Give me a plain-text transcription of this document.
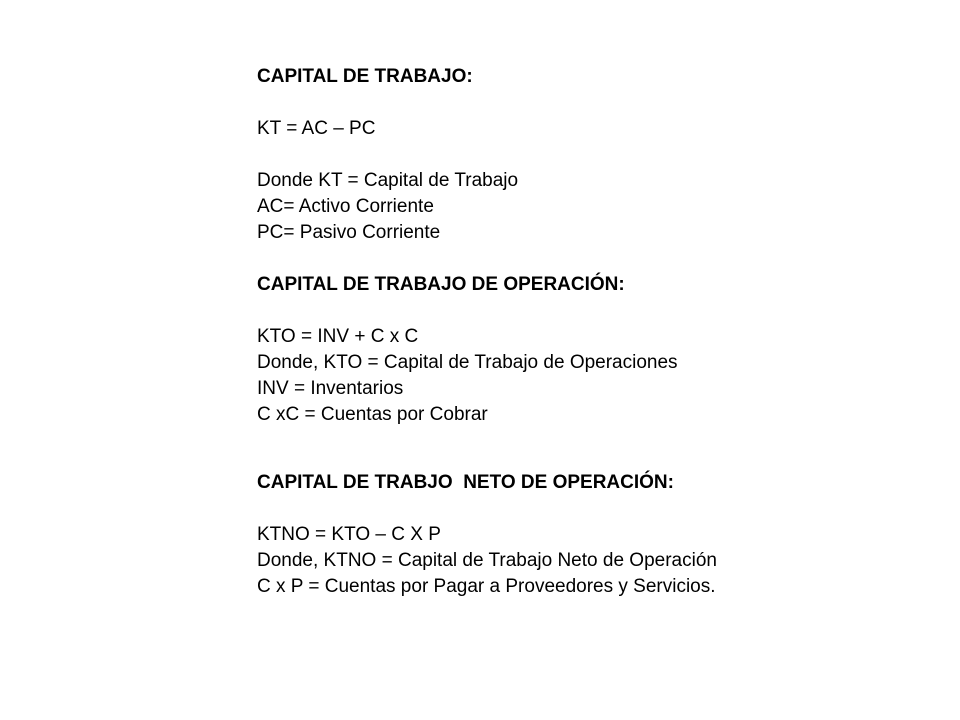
CAPITAL DE TRABAJO:
KT = AC – PC
Donde KT = Capital de Trabajo
AC= Activo Corriente
PC= Pasivo Corriente
CAPITAL DE TRABAJO DE OPERACIÓN:
KTO = INV + C x C
Donde, KTO = Capital de Trabajo de Operaciones
INV = Inventarios
C xC = Cuentas por Cobrar
CAPITAL DE TRABJO  NETO DE OPERACIÓN:
KTNO = KTO – C X P
Donde, KTNO = Capital de Trabajo Neto de Operación
C x P = Cuentas por Pagar a Proveedores y Servicios.
